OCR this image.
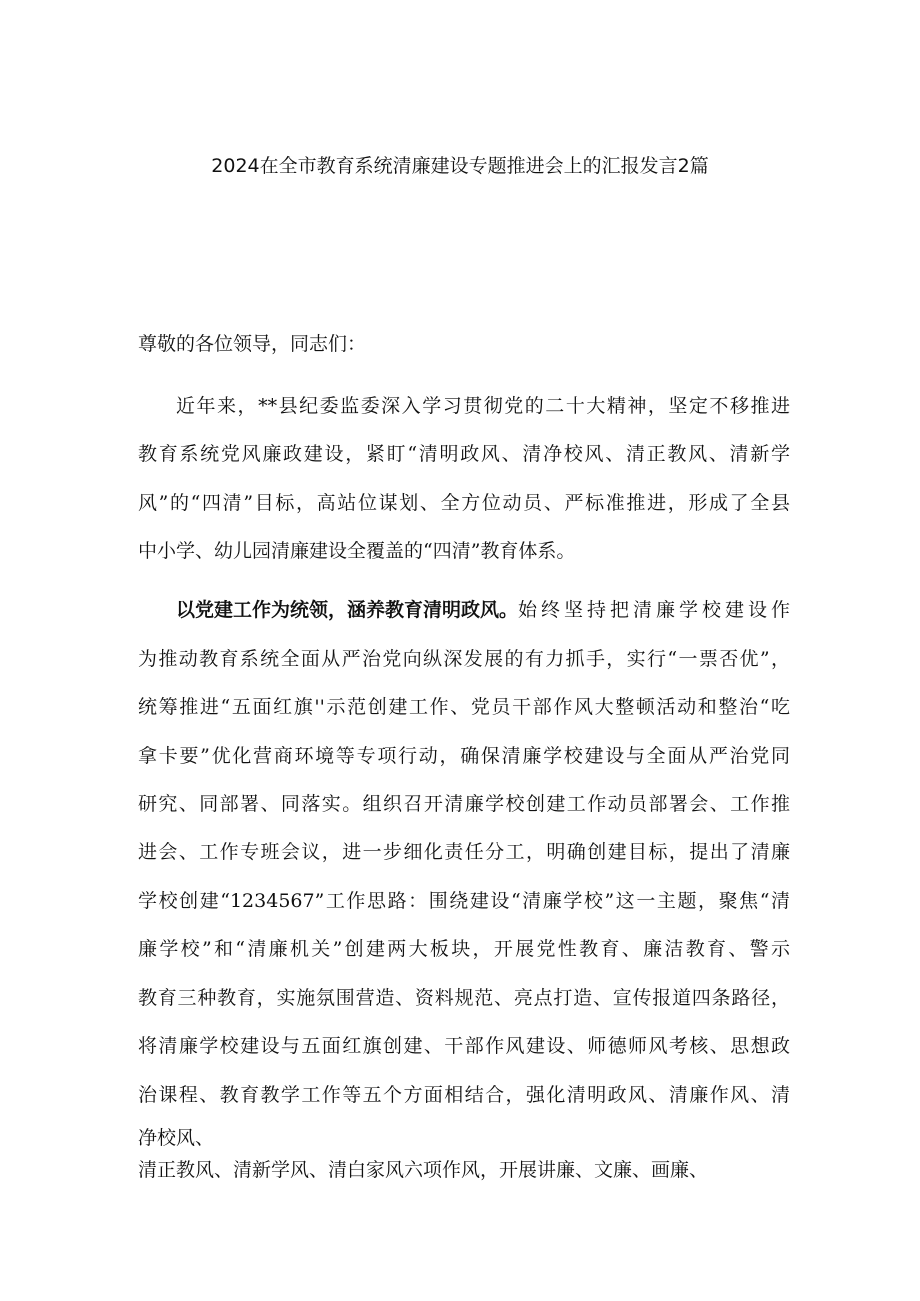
2024在全市教育系统清廉建设专题推进会上的汇报发言2篇
尊敬的各位领导，同志们：
近年来，**县纪委监委深入学习贯彻党的二十大精神，坚定不移推进
教育系统党风廉政建设，紧盯“清明政风、清净校风、清正教风、清新学
风”的“四清”目标，高站位谋划、全方位动员、严标准推进，形成了全县
中小学、幼儿园清廉建设全覆盖的“四清”教育体系。
以党建工作为统领，涵养教育清明政风。 始终坚持把清廉学校建设作
为推动教育系统全面从严治党向纵深发展的有力抓手，实行“一票否优”，
统筹推进“五面红旗''示范创建工作、党员干部作风大整顿活动和整治“吃
拿卡要”优化营商环境等专项行动，确保清廉学校建设与全面从严治党同
研究、同部署、同落实。组织召开清廉学校创建工作动员部署会、工作推
进会、工作专班会议，进一步细化责任分工，明确创建目标，提出了清廉
学校创建“1234567”工作思路：围绕建设“清廉学校”这一主题，聚焦“清
廉学校”和“清廉机关”创建两大板块，开展党性教育、廉洁教育、警示
教育三种教育，实施氛围营造、资料规范、亮点打造、宣传报道四条路径，
将清廉学校建设与五面红旗创建、干部作风建设、师德师风考核、思想政
治课程、教育教学工作等五个方面相结合，强化清明政风、清廉作风、清
净校风、
清正教风、清新学风、清白家风六项作风，开展讲廉、文廉、画廉、
